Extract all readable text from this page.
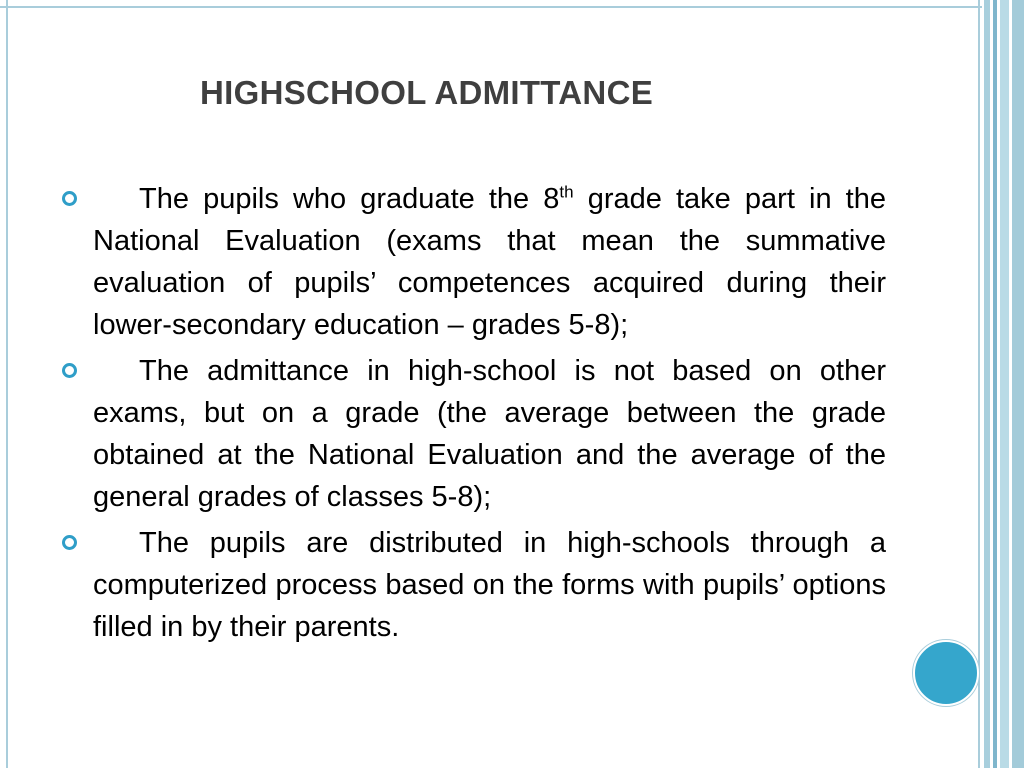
HIGHSCHOOL ADMITTANCE
The pupils who graduate the 8th grade take part in the National Evaluation (exams that mean the summative evaluation of pupils’ competences acquired during their lower-secondary education – grades 5-8);
The admittance in high-school is not based on other exams, but on a grade (the average between the grade obtained at the National Evaluation and the average of the general grades of classes 5-8);
The pupils are distributed in high-schools through a computerized process based on the forms with pupils’ options filled in by their parents.
